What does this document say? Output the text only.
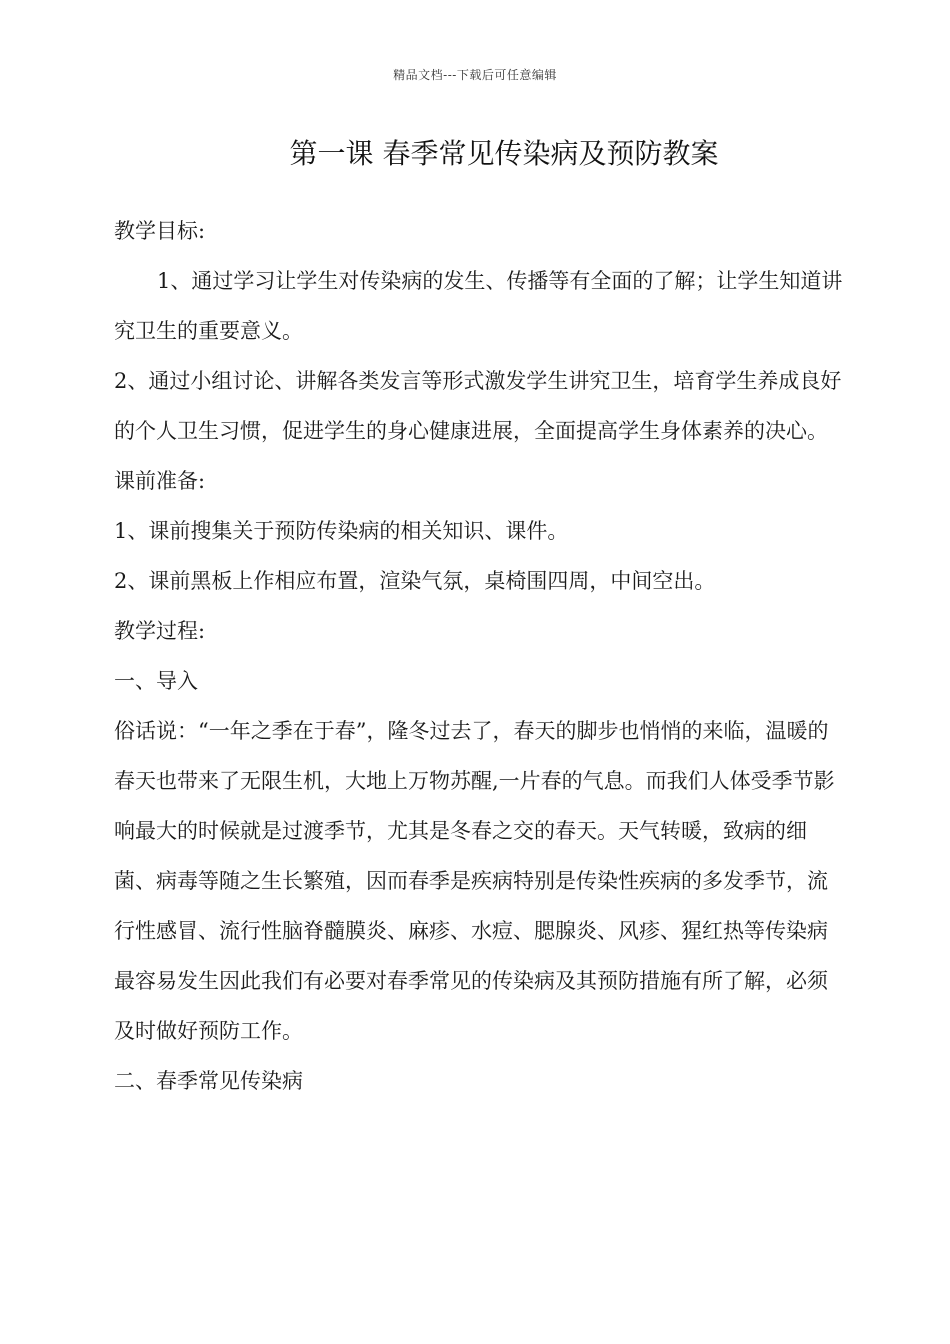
精品文档---下载后可任意编辑
第一课 春季常见传染病及预防教案

教学目标:

1、通过学习让学生对传染病的发生、传播等有全面的了解；让学生知道讲究卫生的重要意义。

2、通过小组讨论、讲解各类发言等形式激发学生讲究卫生，培育学生养成良好的个人卫生习惯，促进学生的身心健康进展，全面提高学生身体素养的决心。

课前准备:

1、课前搜集关于预防传染病的相关知识、课件。

2、课前黑板上作相应布置，渲染气氛，桌椅围四周，中间空出。

教学过程:

一、导入

俗话说：“一年之季在于春”，隆冬过去了，春天的脚步也悄悄的来临，温暖的春天也带来了无限生机，大地上万物苏醒,一片春的气息。而我们人体受季节影响最大的时候就是过渡季节，尤其是冬春之交的春天。天气转暖，致病的细菌、病毒等随之生长繁殖，因而春季是疾病特别是传染性疾病的多发季节，流行性感冒、流行性脑脊髓膜炎、麻疹、水痘、腮腺炎、风疹、猩红热等传染病最容易发生因此我们有必要对春季常见的传染病及其预防措施有所了解，必须及时做好预防工作。

二、春季常见传染病
